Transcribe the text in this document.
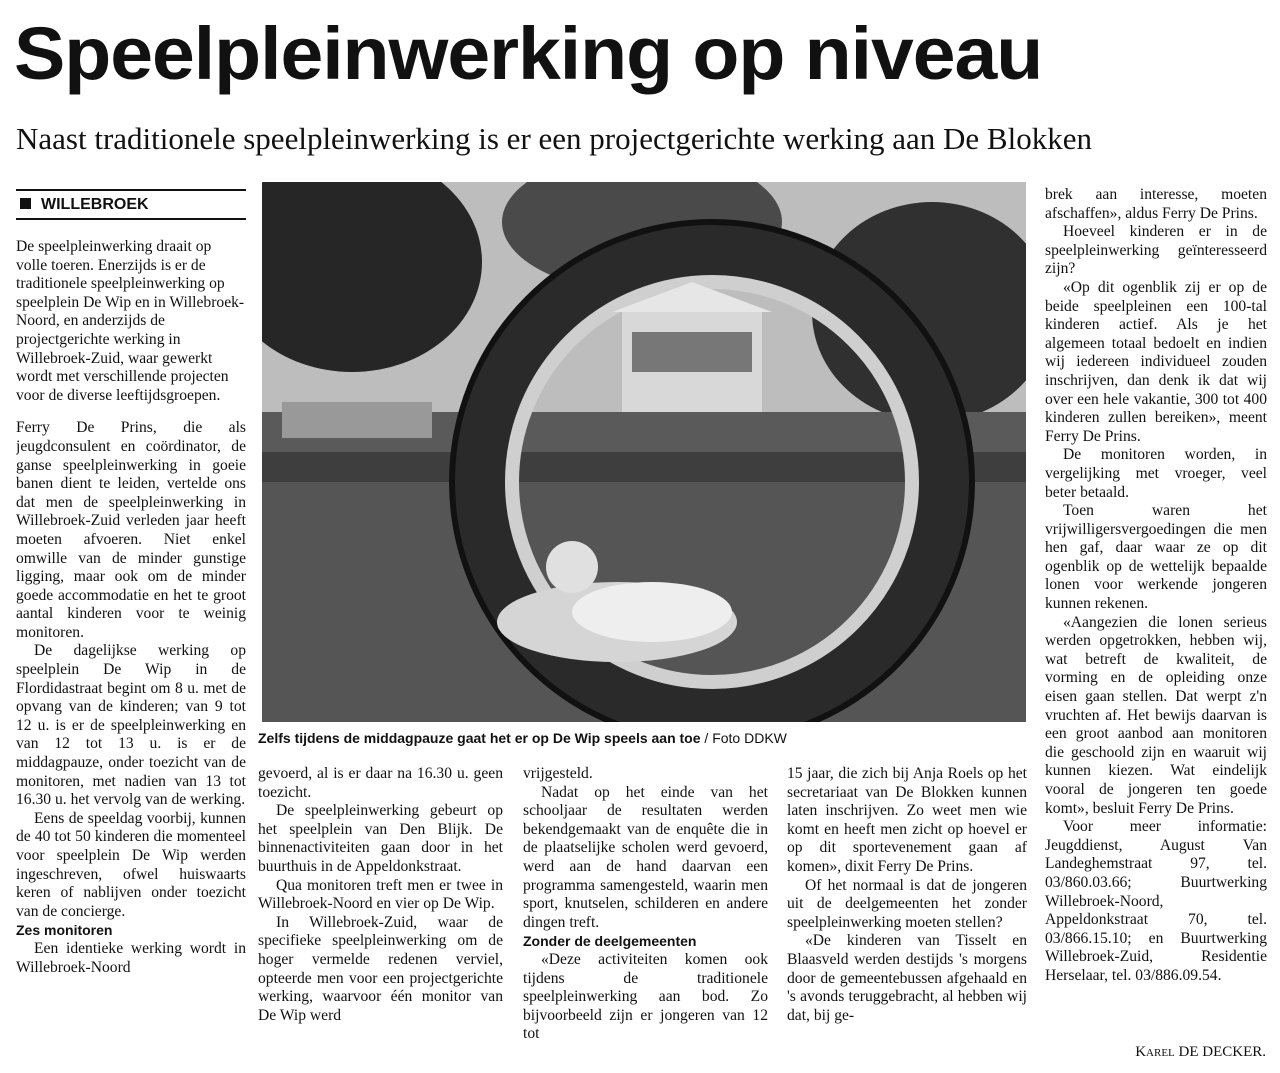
Speelpleinwerking op niveau
Naast traditionele speelpleinwerking is er een projectgerichte werking aan De Blokken
WILLEBROEK

De speelpleinwerking draait op volle toeren. Enerzijds is er de traditionele speelpleinwerking op speelplein De Wip en in Willebroek-Noord, en anderzijds de projectgerichte werking in Willebroek-Zuid, waar gewerkt wordt met verschillende projecten voor de diverse leeftijdsgroepen.

Ferry De Prins, die als jeugdconsulent en coördinator, de ganse speelpleinwerking in goeie banen dient te leiden, vertelde ons dat men de speelpleinwerking in Willebroek-Zuid verleden jaar heeft moeten afvoeren. Niet enkel omwille van de minder gunstige ligging, maar ook om de minder goede accommodatie en het te groot aantal kinderen voor te weinig monitoren.

De dagelijkse werking op speelplein De Wip in de Flordidastraat begint om 8 u. met de opvang van de kinderen; van 9 tot 12 u. is er de speelpleinwerking en van 12 tot 13 u. is er de middagpauze, onder toezicht van de monitoren, met nadien van 13 tot 16.30 u. het vervolg van de werking.

Eens de speeldag voorbij, kunnen de 40 tot 50 kinderen die momenteel voor speelplein De Wip werden ingeschreven, ofwel huiswaarts keren of nablijven onder toezicht van de concierge.

Zes monitoren

Een identieke werking wordt in Willebroek-Noord

Zelfs tijdens de middagpauze gaat het er op De Wip speels aan toe / Foto DDKW

gevoerd, al is er daar na 16.30 u. geen toezicht.

De speelpleinwerking gebeurt op het speelplein van Den Blijk. De binnenactiviteiten gaan door in het buurthuis in de Appeldonkstraat.

Qua monitoren treft men er twee in Willebroek-Noord en vier op De Wip.

In Willebroek-Zuid, waar de specifieke speelpleinwerking om de hoger vermelde redenen verviel, opteerde men voor een projectgerichte werking, waarvoor één monitor van De Wip werd

vrijgesteld.

Nadat op het einde van het schooljaar de resultaten werden bekendgemaakt van de enquête die in de plaatselijke scholen werd gevoerd, werd aan de hand daarvan een programma samengesteld, waarin men sport, knutselen, schilderen en andere dingen treft.

Zonder de deelgemeenten

«Deze activiteiten komen ook tijdens de traditionele speelpleinwerking aan bod. Zo bijvoorbeeld zijn er jongeren van 12 tot

15 jaar, die zich bij Anja Roels op het secretariaat van De Blokken kunnen laten inschrijven. Zo weet men wie komt en heeft men zicht op hoevel er op dit sportevenement gaan af komen», dixit Ferry De Prins.

Of het normaal is dat de jongeren uit de deelgemeenten het zonder speelpleinwerking moeten stellen?

«De kinderen van Tisselt en Blaasveld werden destijds 's morgens door de gemeentebussen afgehaald en 's avonds teruggebracht, al hebben wij dat, bij ge-

brek aan interesse, moeten afschaffen», aldus Ferry De Prins.

Hoeveel kinderen er in de speelpleinwerking geïnteresseerd zijn?

«Op dit ogenblik zij er op de beide speelpleinen een 100-tal kinderen actief. Als je het algemeen totaal bedoelt en indien wij iedereen individueel zouden inschrijven, dan denk ik dat wij over een hele vakantie, 300 tot 400 kinderen zullen bereiken», meent Ferry De Prins.

De monitoren worden, in vergelijking met vroeger, veel beter betaald.

Toen waren het vrijwilligersvergoedingen die men hen gaf, daar waar ze op dit ogenblik op de wettelijk bepaalde lonen voor werkende jongeren kunnen rekenen.

«Aangezien die lonen serieus werden opgetrokken, hebben wij, wat betreft de kwaliteit, de vorming en de opleiding onze eisen gaan stellen. Dat werpt z'n vruchten af. Het bewijs daarvan is een groot aanbod aan monitoren die geschoold zijn en waaruit wij kunnen kiezen. Wat eindelijk vooral de jongeren ten goede komt», besluit Ferry De Prins.

Voor meer informatie: Jeugddienst, August Van Landeghemstraat 97, tel. 03/860.03.66; Buurtwerking Willebroek-Noord, Appeldonkstraat 70, tel. 03/866.15.10; en Buurtwerking Willebroek-Zuid, Residentie Herselaar, tel. 03/886.09.54.

Karel DE DECKER.
